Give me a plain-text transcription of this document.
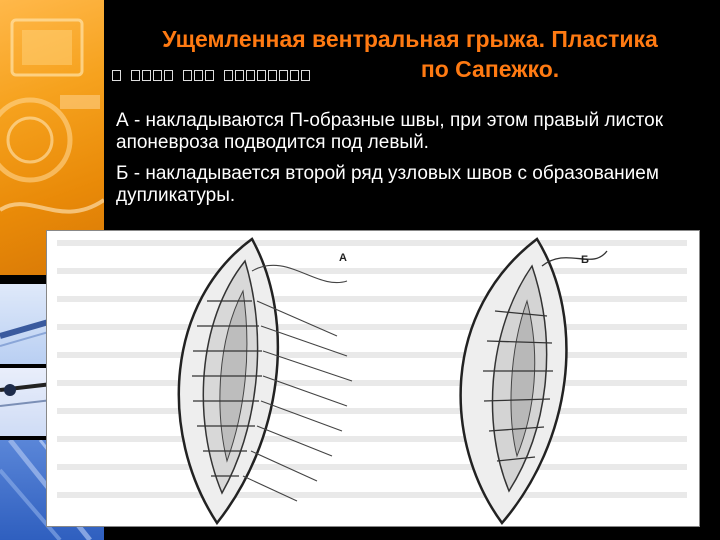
Ущемленная вентральная грыжа. Пластика
по Сапежко.

А - накладываются П-образные швы, при этом правый листок апоневроза подводится под левый.

Б - накладывается второй ряд узловых швов с образованием дупликатуры.

А	Б
